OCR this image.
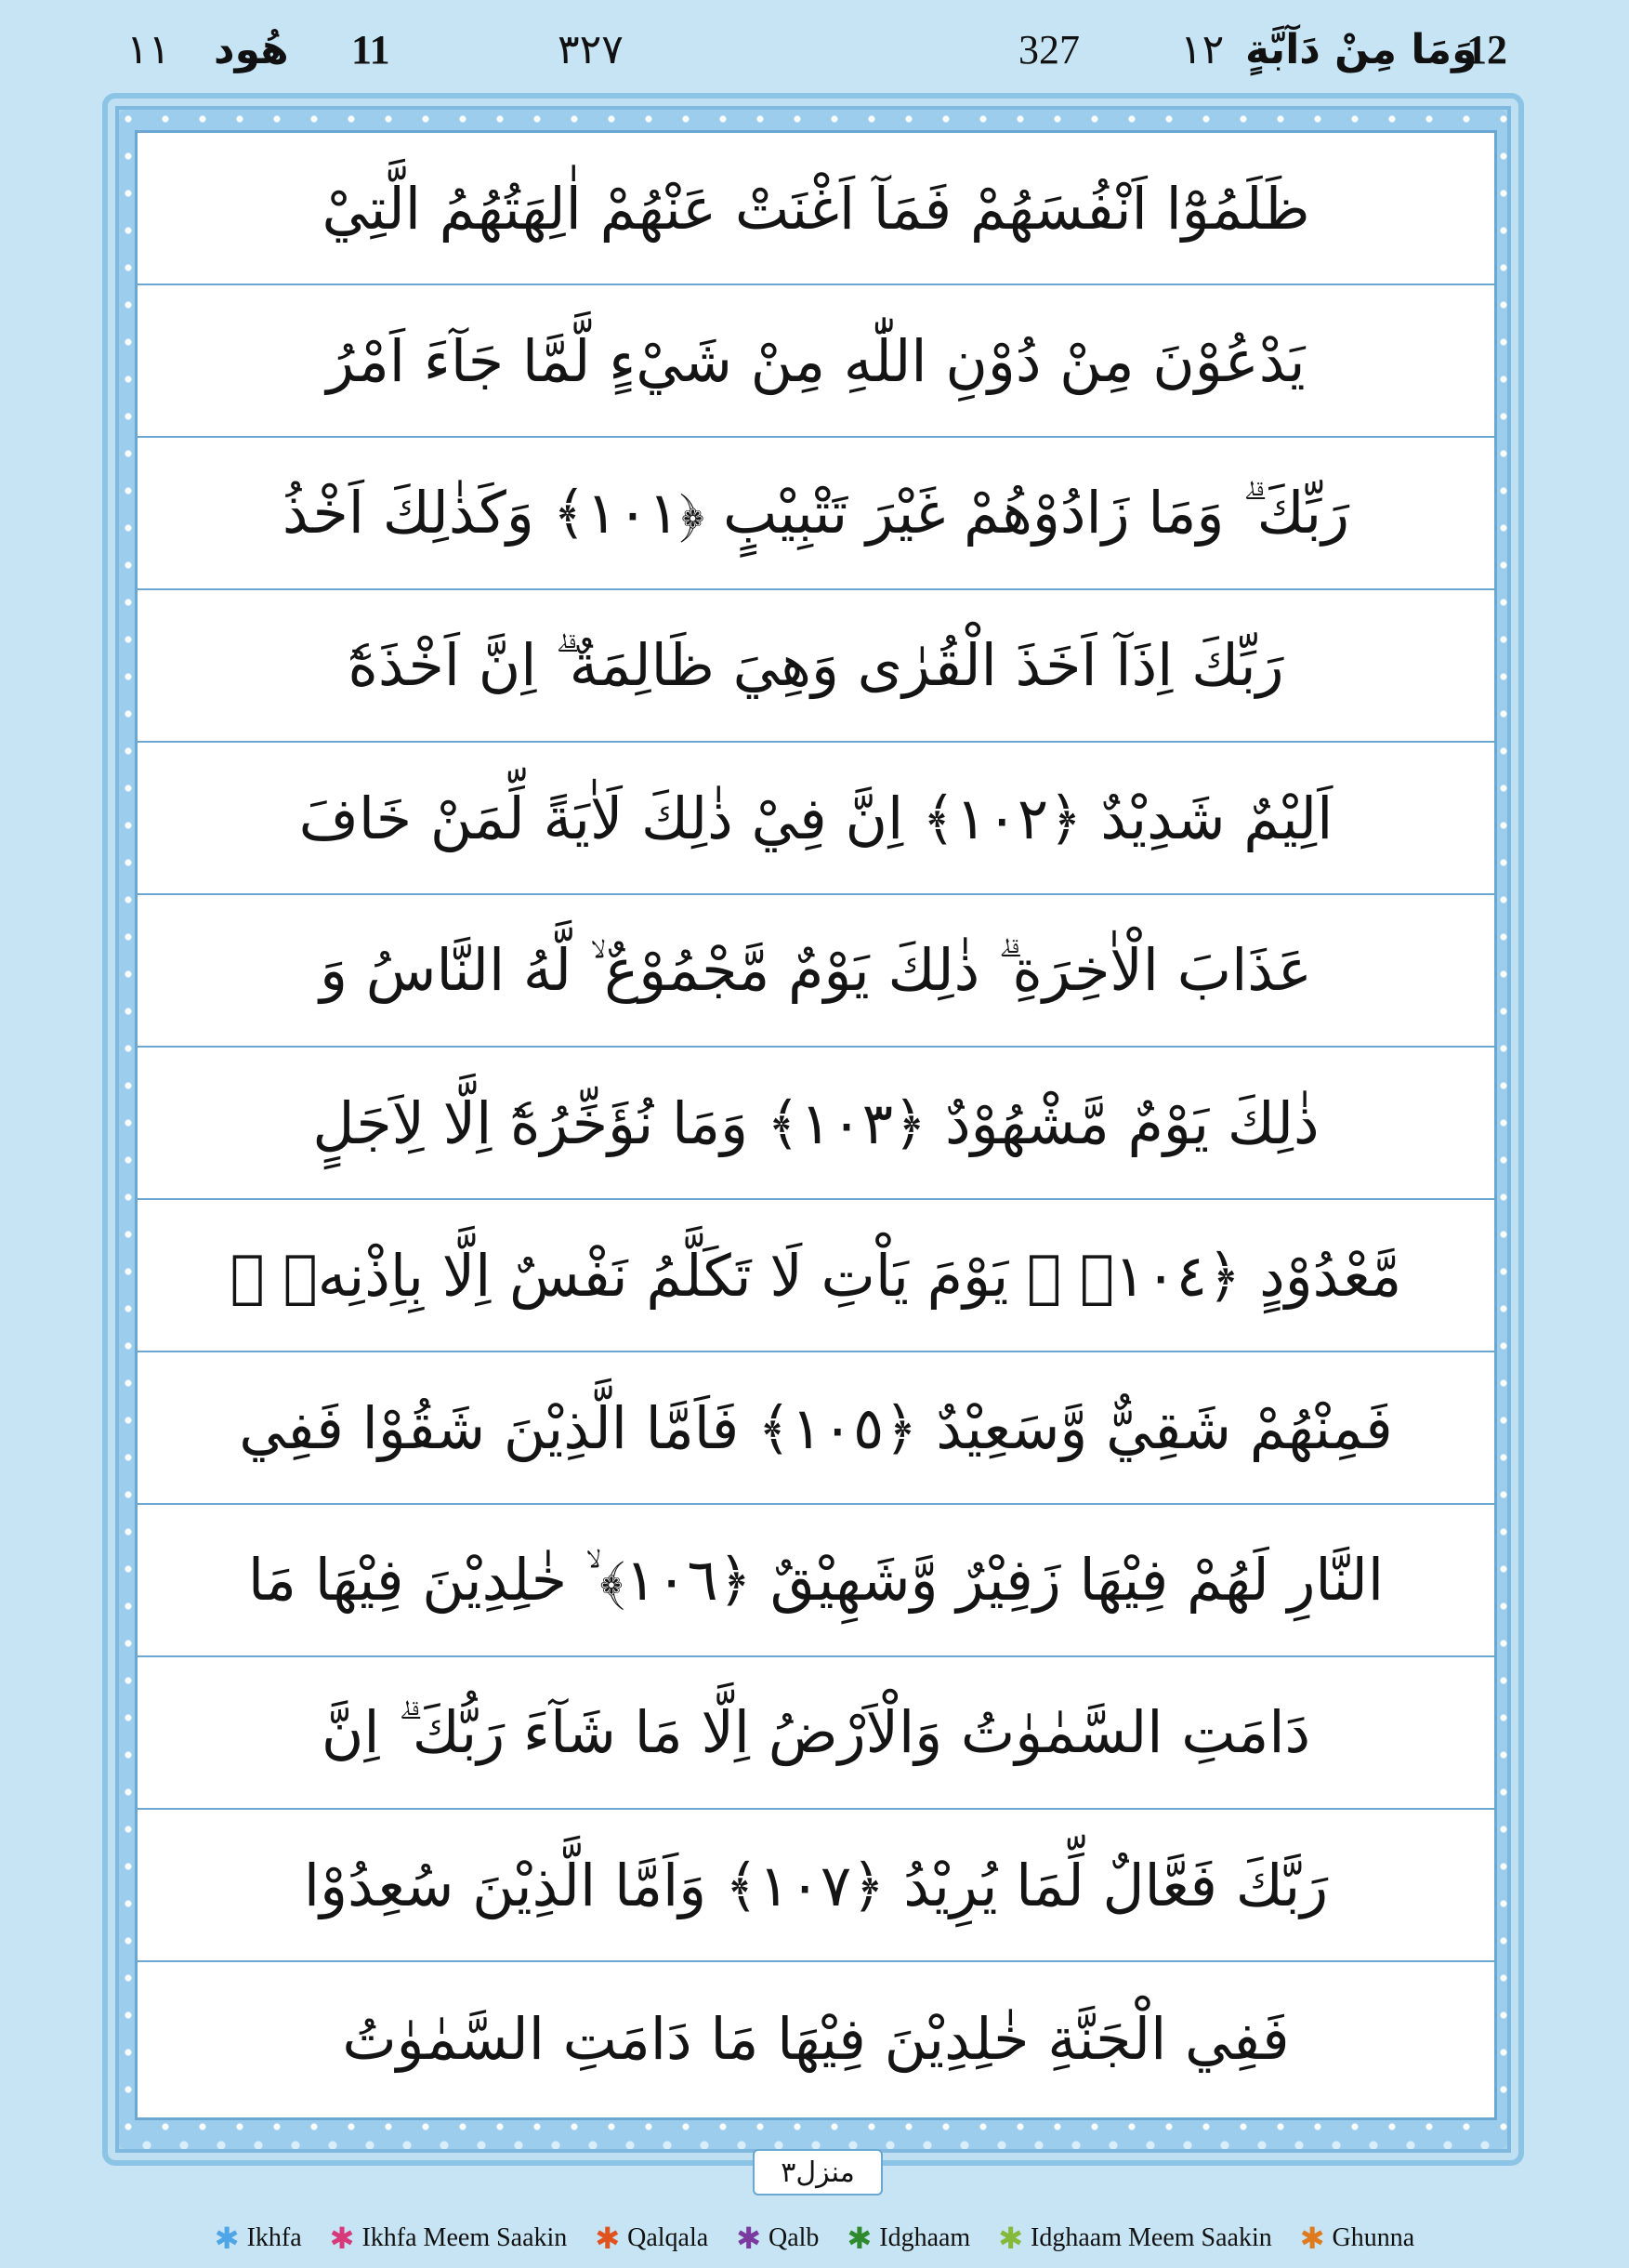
١١ هُود 11	٣٢٧	327 ١٢ وَمَا مِنْ دَآبَّةٍ
12
ظَلَمُوْٓا اَنْفُسَهُمْ فَمَآ اَغْنَتْ عَنْهُمْ اٰلِهَتُهُمُ الَّتِيْ
يَدْعُوْنَ مِنْ دُوْنِ اللّٰهِ مِنْ شَيْءٍ لَّمَّا جَآءَ اَمْرُ
رَبِّكَ ۗ وَمَا زَادُوْهُمْ غَيْرَ تَتْبِيْبٍ ﴿١٠١﴾ وَكَذٰلِكَ اَخْذُ
رَبِّكَ اِذَآ اَخَذَ الْقُرٰى وَهِيَ ظَالِمَةٌ ۗ اِنَّ اَخْذَهٗٓ
اَلِيْمٌ شَدِيْدٌ ﴿١٠٢﴾ اِنَّ فِيْ ذٰلِكَ لَاٰيَةً لِّمَنْ خَافَ
عَذَابَ الْاٰخِرَةِ ۗ ذٰلِكَ يَوْمٌ مَّجْمُوْعٌ ۙ لَّهُ النَّاسُ وَ
ذٰلِكَ يَوْمٌ مَّشْهُوْدٌ ﴿١٠٣﴾ وَمَا نُؤَخِّرُهٗٓ اِلَّا لِاَجَلٍ
مَّعْدُوْدٍ ﴿١٠٤﴾ ۗ يَوْمَ يَاْتِ لَا تَكَلَّمُ نَفْسٌ اِلَّا بِاِذْنِهٖ ۚ
فَمِنْهُمْ شَقِيٌّ وَّسَعِيْدٌ ﴿١٠٥﴾ فَاَمَّا الَّذِيْنَ شَقُوْا فَفِي
النَّارِ لَهُمْ فِيْهَا زَفِيْرٌ وَّشَهِيْقٌ ﴿١٠٦﴾ ۙ خٰلِدِيْنَ فِيْهَا مَا
دَامَتِ السَّمٰوٰتُ وَالْاَرْضُ اِلَّا مَا شَآءَ رَبُّكَ ۗ اِنَّ
رَبَّكَ فَعَّالٌ لِّمَا يُرِيْدُ ﴿١٠٧﴾ وَاَمَّا الَّذِيْنَ سُعِدُوْا
فَفِي الْجَنَّةِ خٰلِدِيْنَ فِيْهَا مَا دَامَتِ السَّمٰوٰتُ
منزل٣
✱ Ikhfa ✱ Ikhfa Meem Saakin ✱ Qalqala ✱ Qalb ✱ Idghaam ✱ Idghaam Meem Saakin ✱ Ghunna
